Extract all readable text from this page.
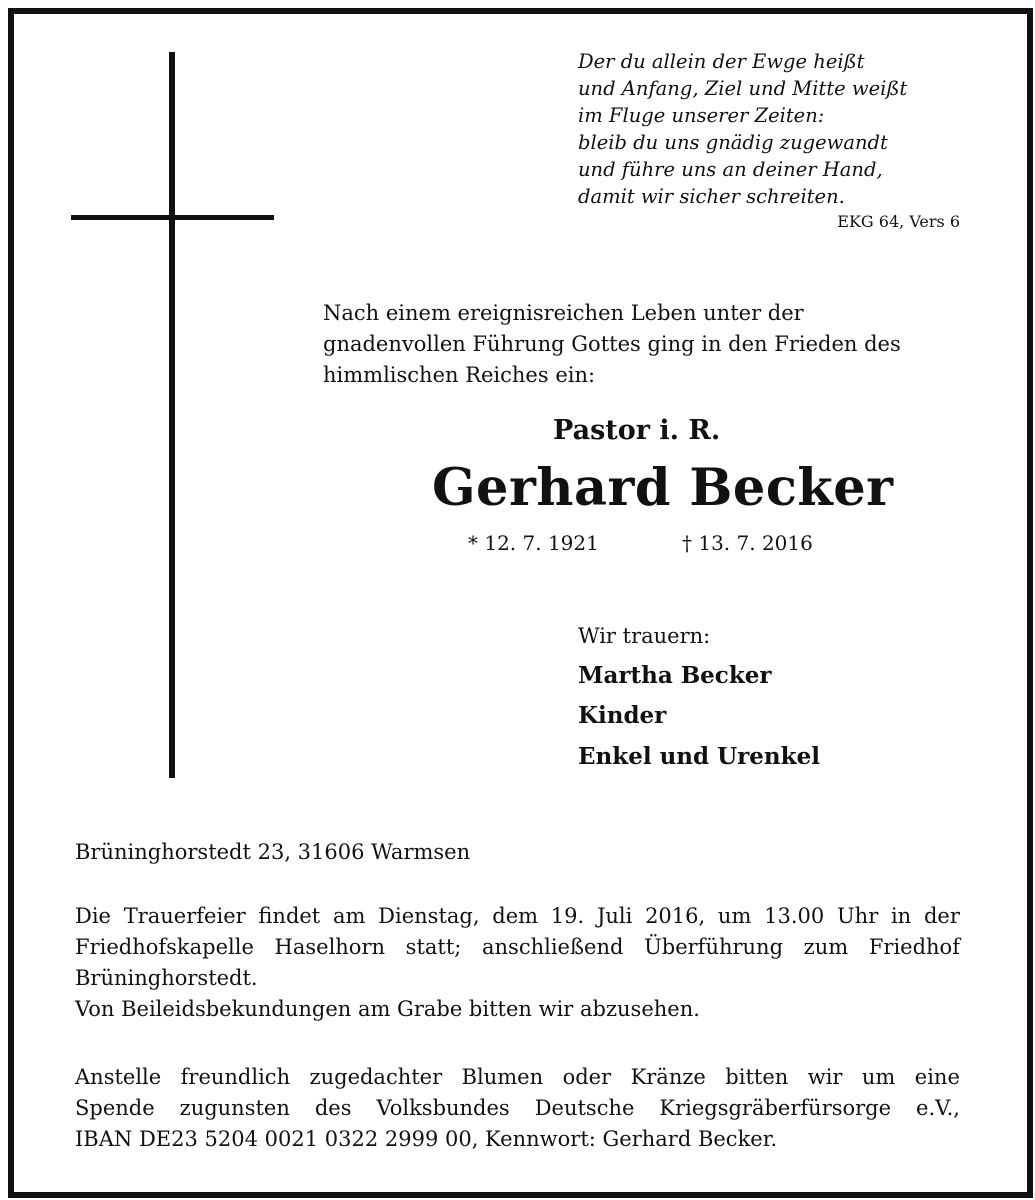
Der du allein der Ewge heißt
und Anfang, Ziel und Mitte weißt
im Fluge unserer Zeiten:
bleib du uns gnädig zugewandt
und führe uns an deiner Hand,
damit wir sicher schreiten.
EKG 64, Vers 6
Nach einem ereignisreichen Leben unter der
gnadenvollen Führung Gottes ging in den Frieden des
himmlischen Reiches ein:
Pastor i. R.
Gerhard Becker
* 12. 7. 1921	† 13. 7. 2016
Wir trauern:
Martha Becker
Kinder
Enkel und Urenkel
Brüninghorstedt 23, 31606 Warmsen
Die Trauerfeier findet am Dienstag, dem 19. Juli 2016, um 13.00 Uhr in der
Friedhofskapelle Haselhorn statt; anschließend Überführung zum Friedhof
Brüninghorstedt.
Von Beileidsbekundungen am Grabe bitten wir abzusehen.
Anstelle freundlich zugedachter Blumen oder Kränze bitten wir um eine
Spende zugunsten des Volksbundes Deutsche Kriegsgräberfürsorge e.V.,
IBAN DE23 5204 0021 0322 2999 00, Kennwort: Gerhard Becker.
